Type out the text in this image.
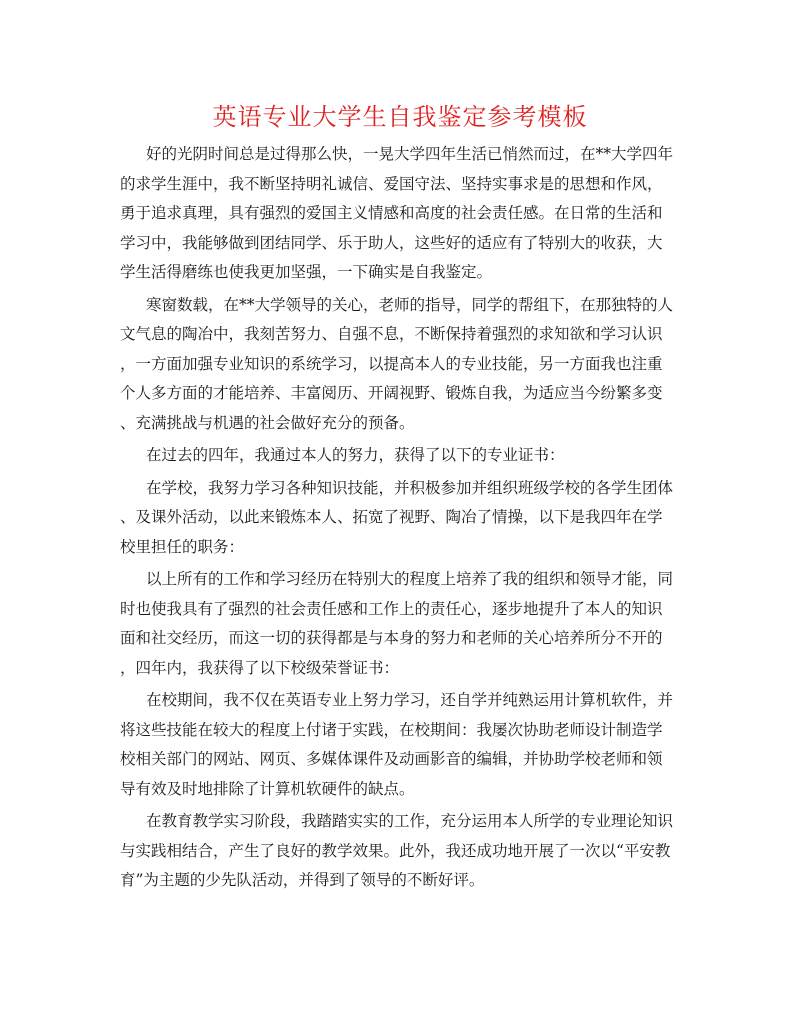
英语专业大学生自我鉴定参考模板

好的光阴时间总是过得那么快，一晃大学四年生活已悄然而过，在**大学四年
的求学生涯中，我不断坚持明礼诚信、爱国守法、坚持实事求是的思想和作风，
勇于追求真理，具有强烈的爱国主义情感和高度的社会责任感。在日常的生活和
学习中，我能够做到团结同学、乐于助人，这些好的适应有了特别大的收获，大
学生活得磨练也使我更加坚强，一下确实是自我鉴定。

寒窗数载，在**大学领导的关心，老师的指导，同学的帮组下，在那独特的人
文气息的陶冶中，我刻苦努力、自强不息，不断保持着强烈的求知欲和学习认识
，一方面加强专业知识的系统学习，以提高本人的专业技能，另一方面我也注重
个人多方面的才能培养、丰富阅历、开阔视野、锻炼自我，为适应当今纷繁多变
、充满挑战与机遇的社会做好充分的预备。

在过去的四年，我通过本人的努力，获得了以下的专业证书：

在学校，我努力学习各种知识技能，并积极参加并组织班级学校的各学生团体
、及课外活动，以此来锻炼本人、拓宽了视野、陶冶了情操，以下是我四年在学
校里担任的职务：

以上所有的工作和学习经历在特别大的程度上培养了我的组织和领导才能，同
时也使我具有了强烈的社会责任感和工作上的责任心，逐步地提升了本人的知识
面和社交经历，而这一切的获得都是与本身的努力和老师的关心培养所分不开的
，四年内，我获得了以下校级荣誉证书：

在校期间，我不仅在英语专业上努力学习，还自学并纯熟运用计算机软件，并
将这些技能在较大的程度上付诸于实践，在校期间：我屡次协助老师设计制造学
校相关部门的网站、网页、多媒体课件及动画影音的编辑，并协助学校老师和领
导有效及时地排除了计算机软硬件的缺点。

在教育教学实习阶段，我踏踏实实的工作，充分运用本人所学的专业理论知识
与实践相结合，产生了良好的教学效果。此外，我还成功地开展了一次以“平安教
育”为主题的少先队活动，并得到了领导的不断好评。
